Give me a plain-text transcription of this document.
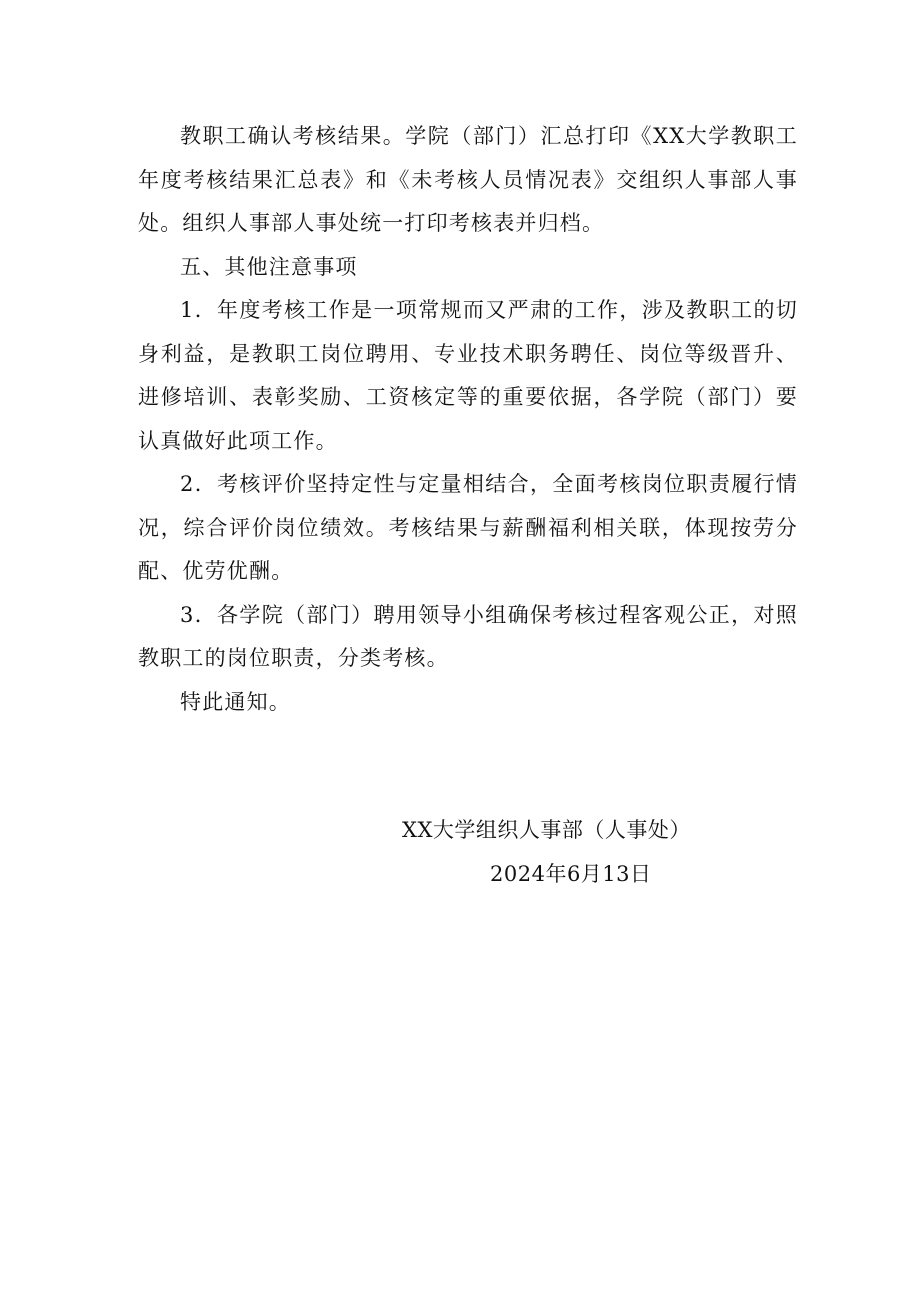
教职工确认考核结果。学院（部门）汇总打印《XX大学教职工年度考核结果汇总表》和《未考核人员情况表》交组织人事部人事处。组织人事部人事处统一打印考核表并归档。

五、其他注意事项

1．年度考核工作是一项常规而又严肃的工作，涉及教职工的切身利益，是教职工岗位聘用、专业技术职务聘任、岗位等级晋升、进修培训、表彰奖励、工资核定等的重要依据，各学院（部门）要认真做好此项工作。

2．考核评价坚持定性与定量相结合，全面考核岗位职责履行情况，综合评价岗位绩效。考核结果与薪酬福利相关联，体现按劳分配、优劳优酬。

3．各学院（部门）聘用领导小组确保考核过程客观公正，对照教职工的岗位职责，分类考核。

特此通知。

XX大学组织人事部（人事处）
2024年6月13日
